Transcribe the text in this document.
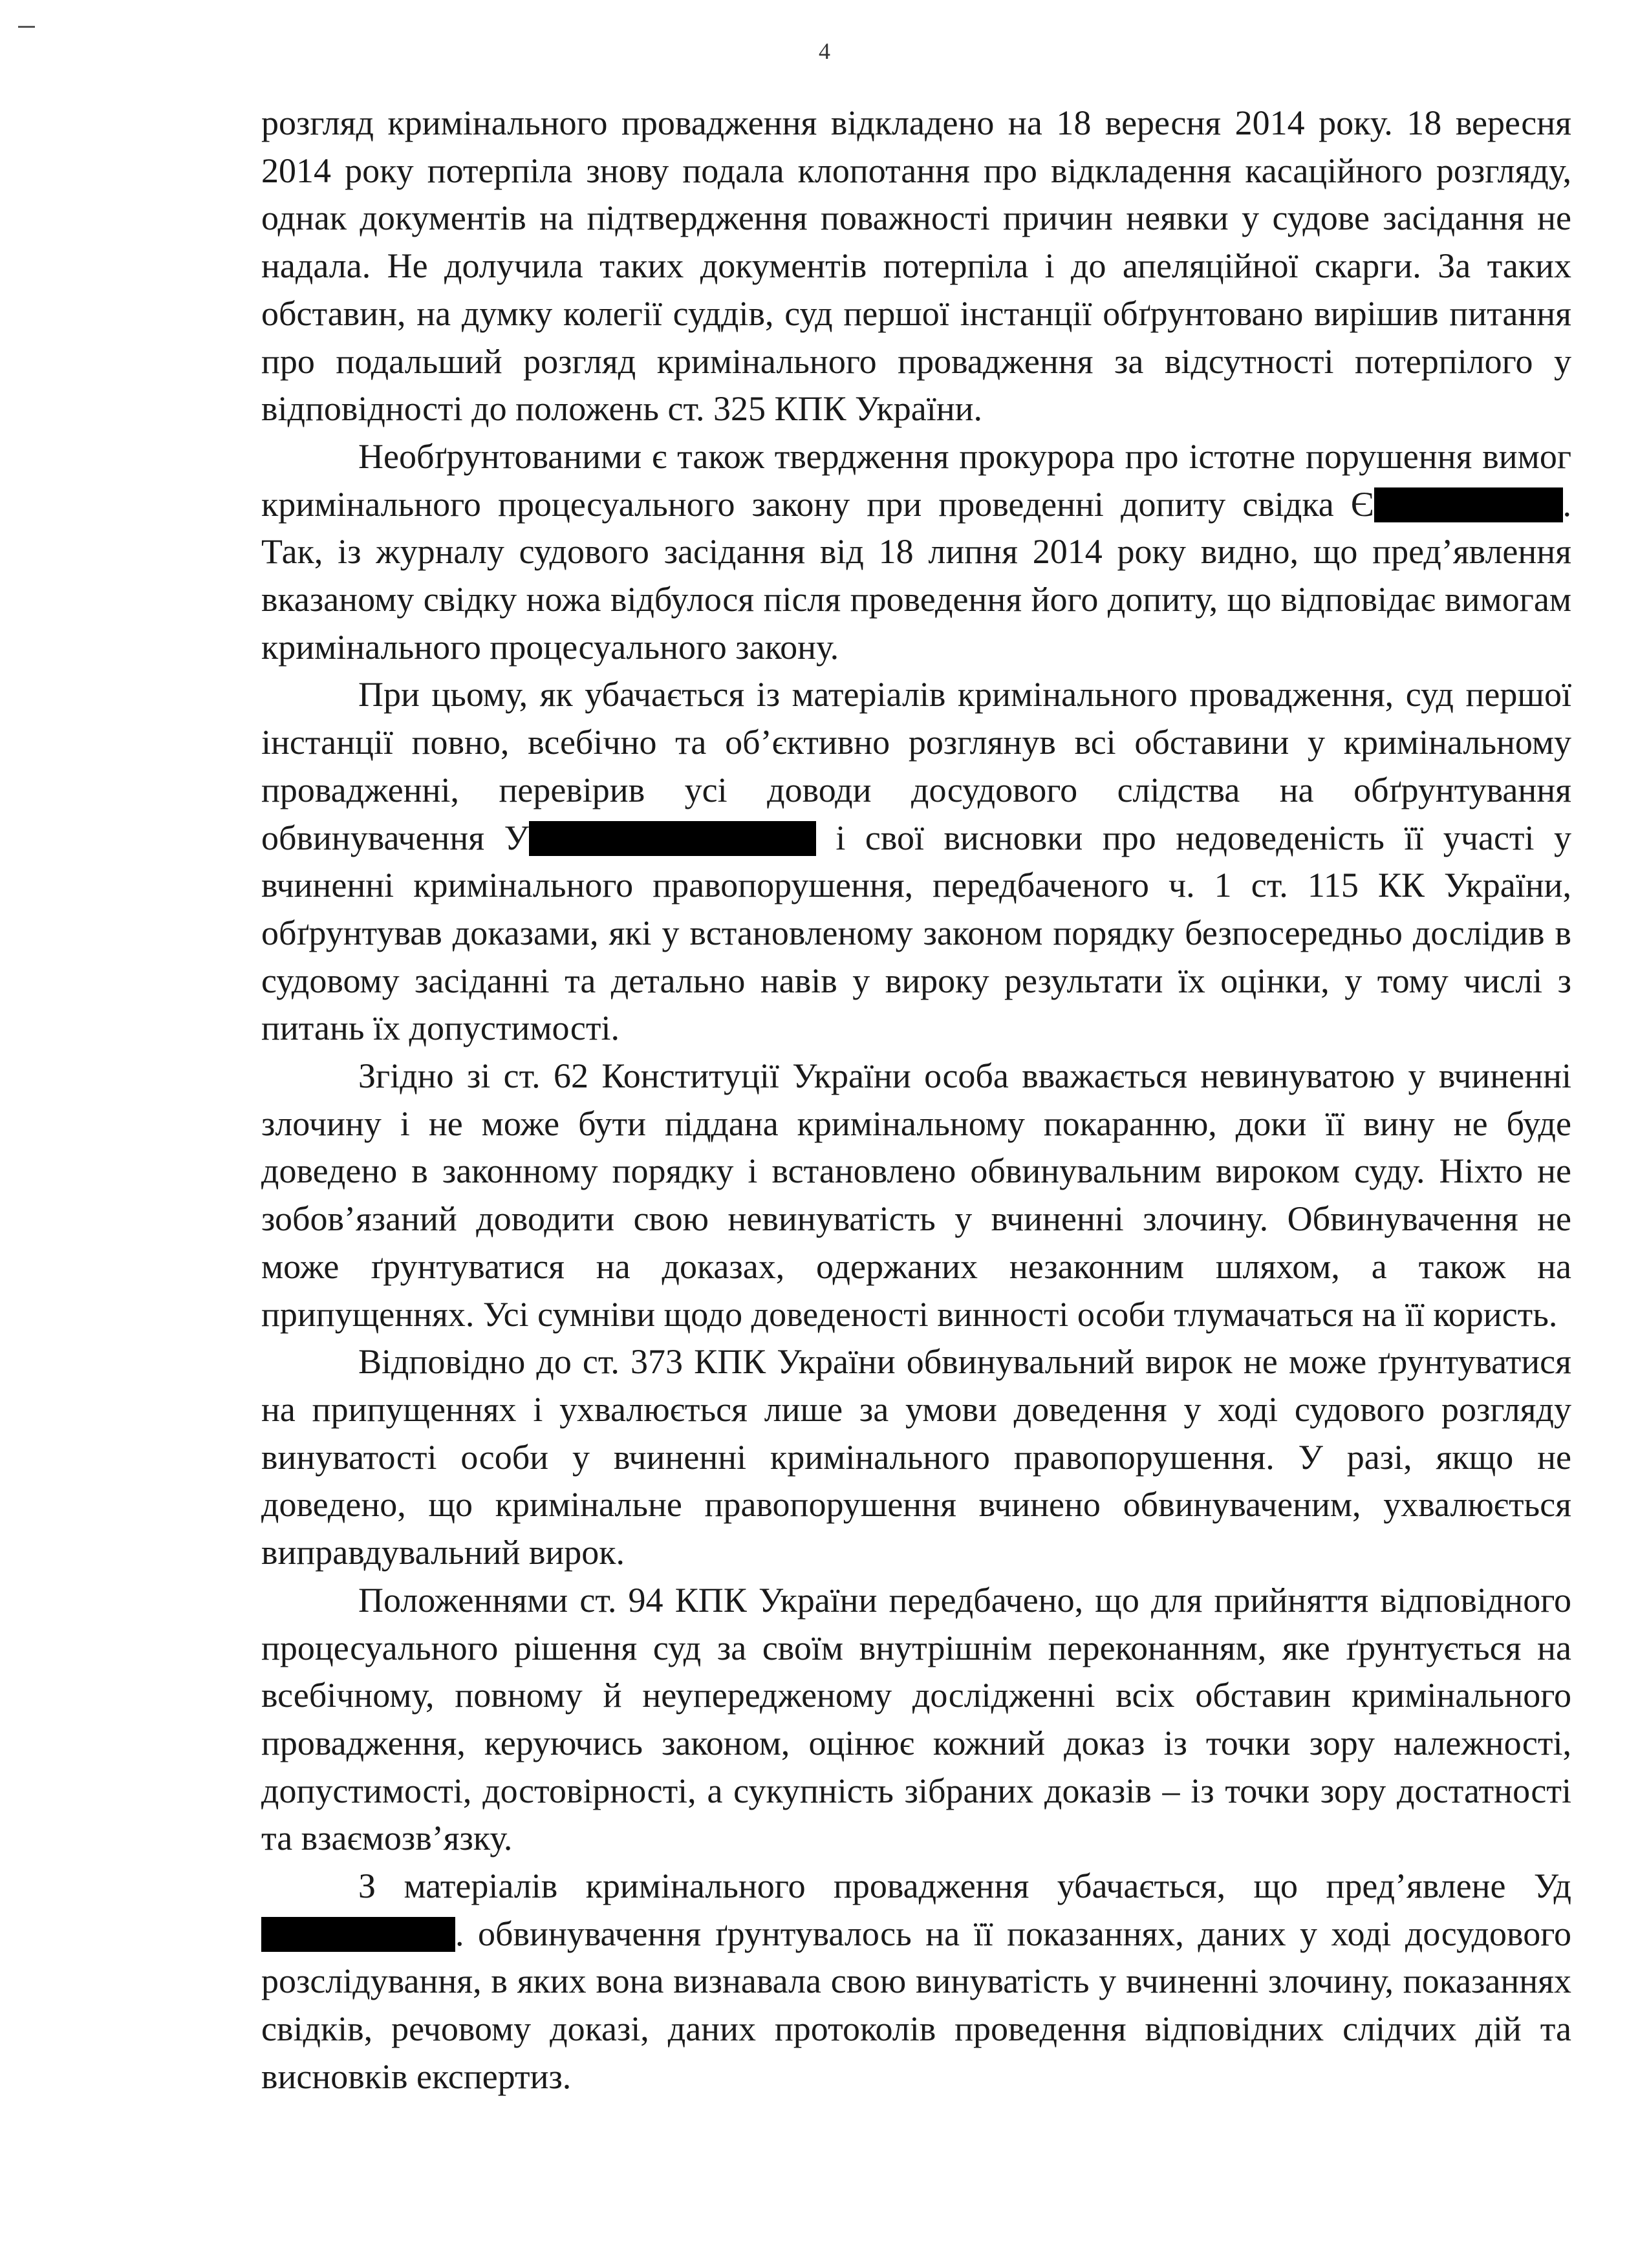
4

розгляд кримінального провадження відкладено на 18 вересня 2014 року. 18 вересня 2014 року потерпіла знову подала клопотання про відкладення касаційного розгляду, однак документів на підтвердження поважності причин неявки у судове засідання не надала. Не долучила таких документів потерпіла і до апеляційної скарги. За таких обставин, на думку колегії суддів, суд першої інстанції обґрунтовано вирішив питання про подальший розгляд кримінального провадження за відсутності потерпілого у відповідності до положень ст. 325 КПК України.

Необґрунтованими є також твердження прокурора про істотне порушення вимог кримінального процесуального закону при проведенні допиту свідка Є	. Так, із журналу судового засідання від 18 липня 2014 року видно, що пред’явлення вказаному свідку ножа відбулося після проведення його допиту, що відповідає вимогам кримінального процесуального закону.

При цьому, як убачається із матеріалів кримінального провадження, суд першої інстанції повно, всебічно та об’єктивно розглянув всі обставини у кримінальному провадженні, перевірив усі доводи досудового слідства на обґрунтування обвинувачення У	і свої висновки про недоведеність її участі у вчиненні кримінального правопорушення, передбаченого ч. 1 ст. 115 КК України, обґрунтував доказами, які у встановленому законом порядку безпосередньо дослідив в судовому засіданні та детально навів у вироку результати їх оцінки, у тому числі з питань їх допустимості.

Згідно зі ст. 62 Конституції України особа вважається невинуватою у вчиненні злочину і не може бути піддана кримінальному покаранню, доки її вину не буде доведено в законному порядку і встановлено обвинувальним вироком суду. Ніхто не зобов’язаний доводити свою невинуватість у вчиненні злочину. Обвинувачення не може ґрунтуватися на доказах, одержаних незаконним шляхом, а також на припущеннях. Усі сумніви щодо доведеності винності особи тлумачаться на її користь.

Відповідно до ст. 373 КПК України обвинувальний вирок не може ґрунтуватися на припущеннях і ухвалюється лише за умови доведення у ході судового розгляду винуватості особи у вчиненні кримінального правопорушення. У разі, якщо не доведено, що кримінальне правопорушення вчинено обвинуваченим, ухвалюється виправдувальний вирок.

Положеннями ст. 94 КПК України передбачено, що для прийняття відповідного процесуального рішення суд за своїм внутрішнім переконанням, яке ґрунтується на всебічному, повному й неупередженому дослідженні всіх обставин кримінального провадження, керуючись законом, оцінює кожний доказ із точки зору належності, допустимості, достовірності, а сукупність зібраних доказів – із точки зору достатності та взаємозв’язку.

З матеріалів кримінального провадження убачається, що пред’явлене Уд. обвинувачення ґрунтувалось на її показаннях, даних у ході досудового розслідування, в яких вона визнавала свою винуватість у вчиненні злочину, показаннях свідків, речовому доказі, даних протоколів проведення відповідних слідчих дій та висновків експертиз.
